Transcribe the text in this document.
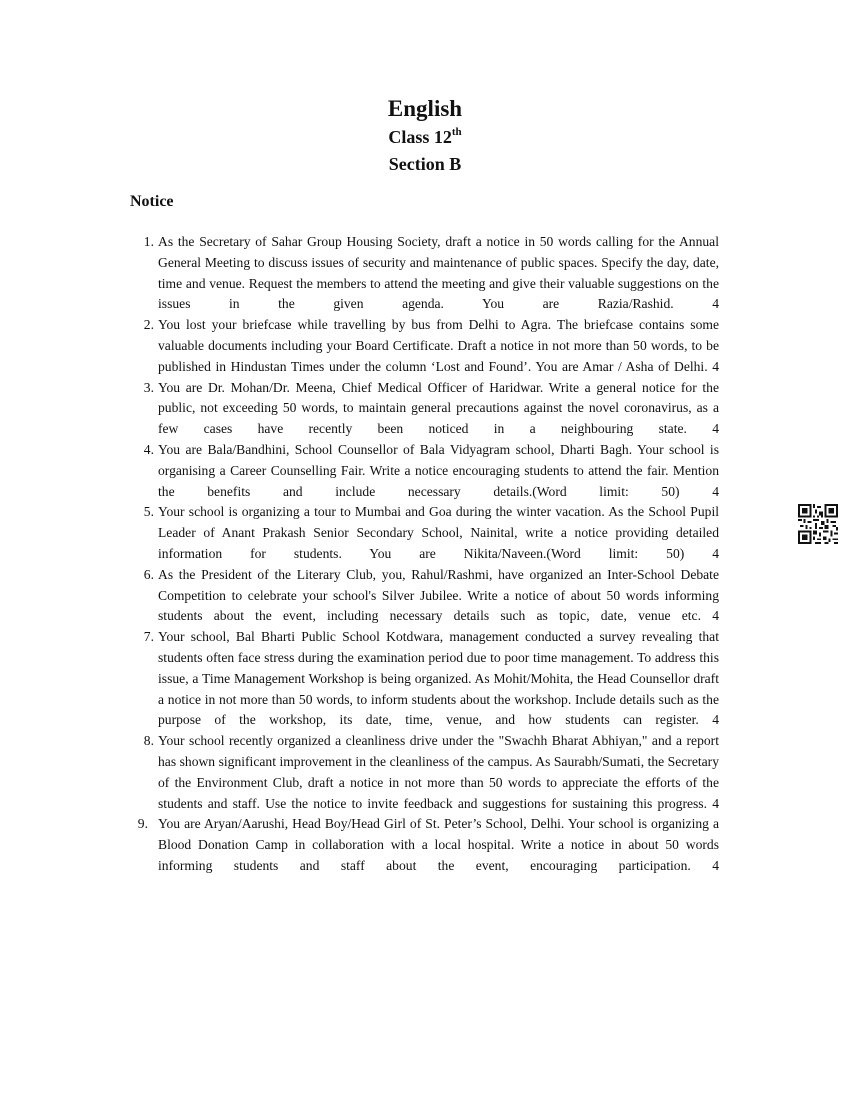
English

Class 12th

Section B

Notice

1. As the Secretary of Sahar Group Housing Society, draft a notice in 50 words calling for the Annual General Meeting to discuss issues of security and maintenance of public spaces. Specify the day, date, time and venue. Request the members to attend the meeting and give their valuable suggestions on the issues in the given agenda. You are Razia/Rashid.	4
2. You lost your briefcase while travelling by bus from Delhi to Agra. The briefcase contains some valuable documents including your Board Certificate. Draft a notice in not more than 50 words, to be published in Hindustan Times under the column ‘Lost and Found’. You are Amar / Asha of Delhi. 4
3. You are Dr. Mohan/Dr. Meena, Chief Medical Officer of Haridwar. Write a general notice for the public, not exceeding 50 words, to maintain general precautions against the novel coronavirus, as a few cases have recently been noticed in a neighbouring state. 4
4. You are Bala/Bandhini, School Counsellor of Bala Vidyagram school, Dharti Bagh. Your school is organising a Career Counselling Fair. Write a notice encouraging students to attend the fair. Mention the benefits and include necessary details.(Word limit: 50) 4
5. Your school is organizing a tour to Mumbai and Goa during the winter vacation. As the School Pupil Leader of Anant Prakash Senior Secondary School, Nainital, write a notice providing detailed information for students. You are Nikita/Naveen.(Word limit: 50) 4
6. As the President of the Literary Club, you, Rahul/Rashmi, have organized an Inter-School Debate Competition to celebrate your school's Silver Jubilee. Write a notice of about 50 words informing students about the event, including necessary details such as topic, date, venue etc. 4
7. Your school, Bal Bharti Public School Kotdwara, management conducted a survey revealing that students often face stress during the examination period due to poor time management. To address this issue, a Time Management Workshop is being organized. As Mohit/Mohita, the Head Counsellor draft a notice in not more than 50 words, to inform students about the workshop. Include details such as the purpose of the workshop, its date, time, venue, and how students can register. 4
8. Your school recently organized a cleanliness drive under the "Swachh Bharat Abhiyan," and a report has shown significant improvement in the cleanliness of the campus. As Saurabh/Sumati, the Secretary of the Environment Club, draft a notice in not more than 50 words to appreciate the efforts of the students and staff. Use the notice to invite feedback and suggestions for sustaining this progress. 4
9. You are Aryan/Aarushi, Head Boy/Head Girl of St. Peter’s School, Delhi. Your school is organizing a Blood Donation Camp in collaboration with a local hospital. Write a notice in about 50 words informing students and staff about the event, encouraging participation. 4
